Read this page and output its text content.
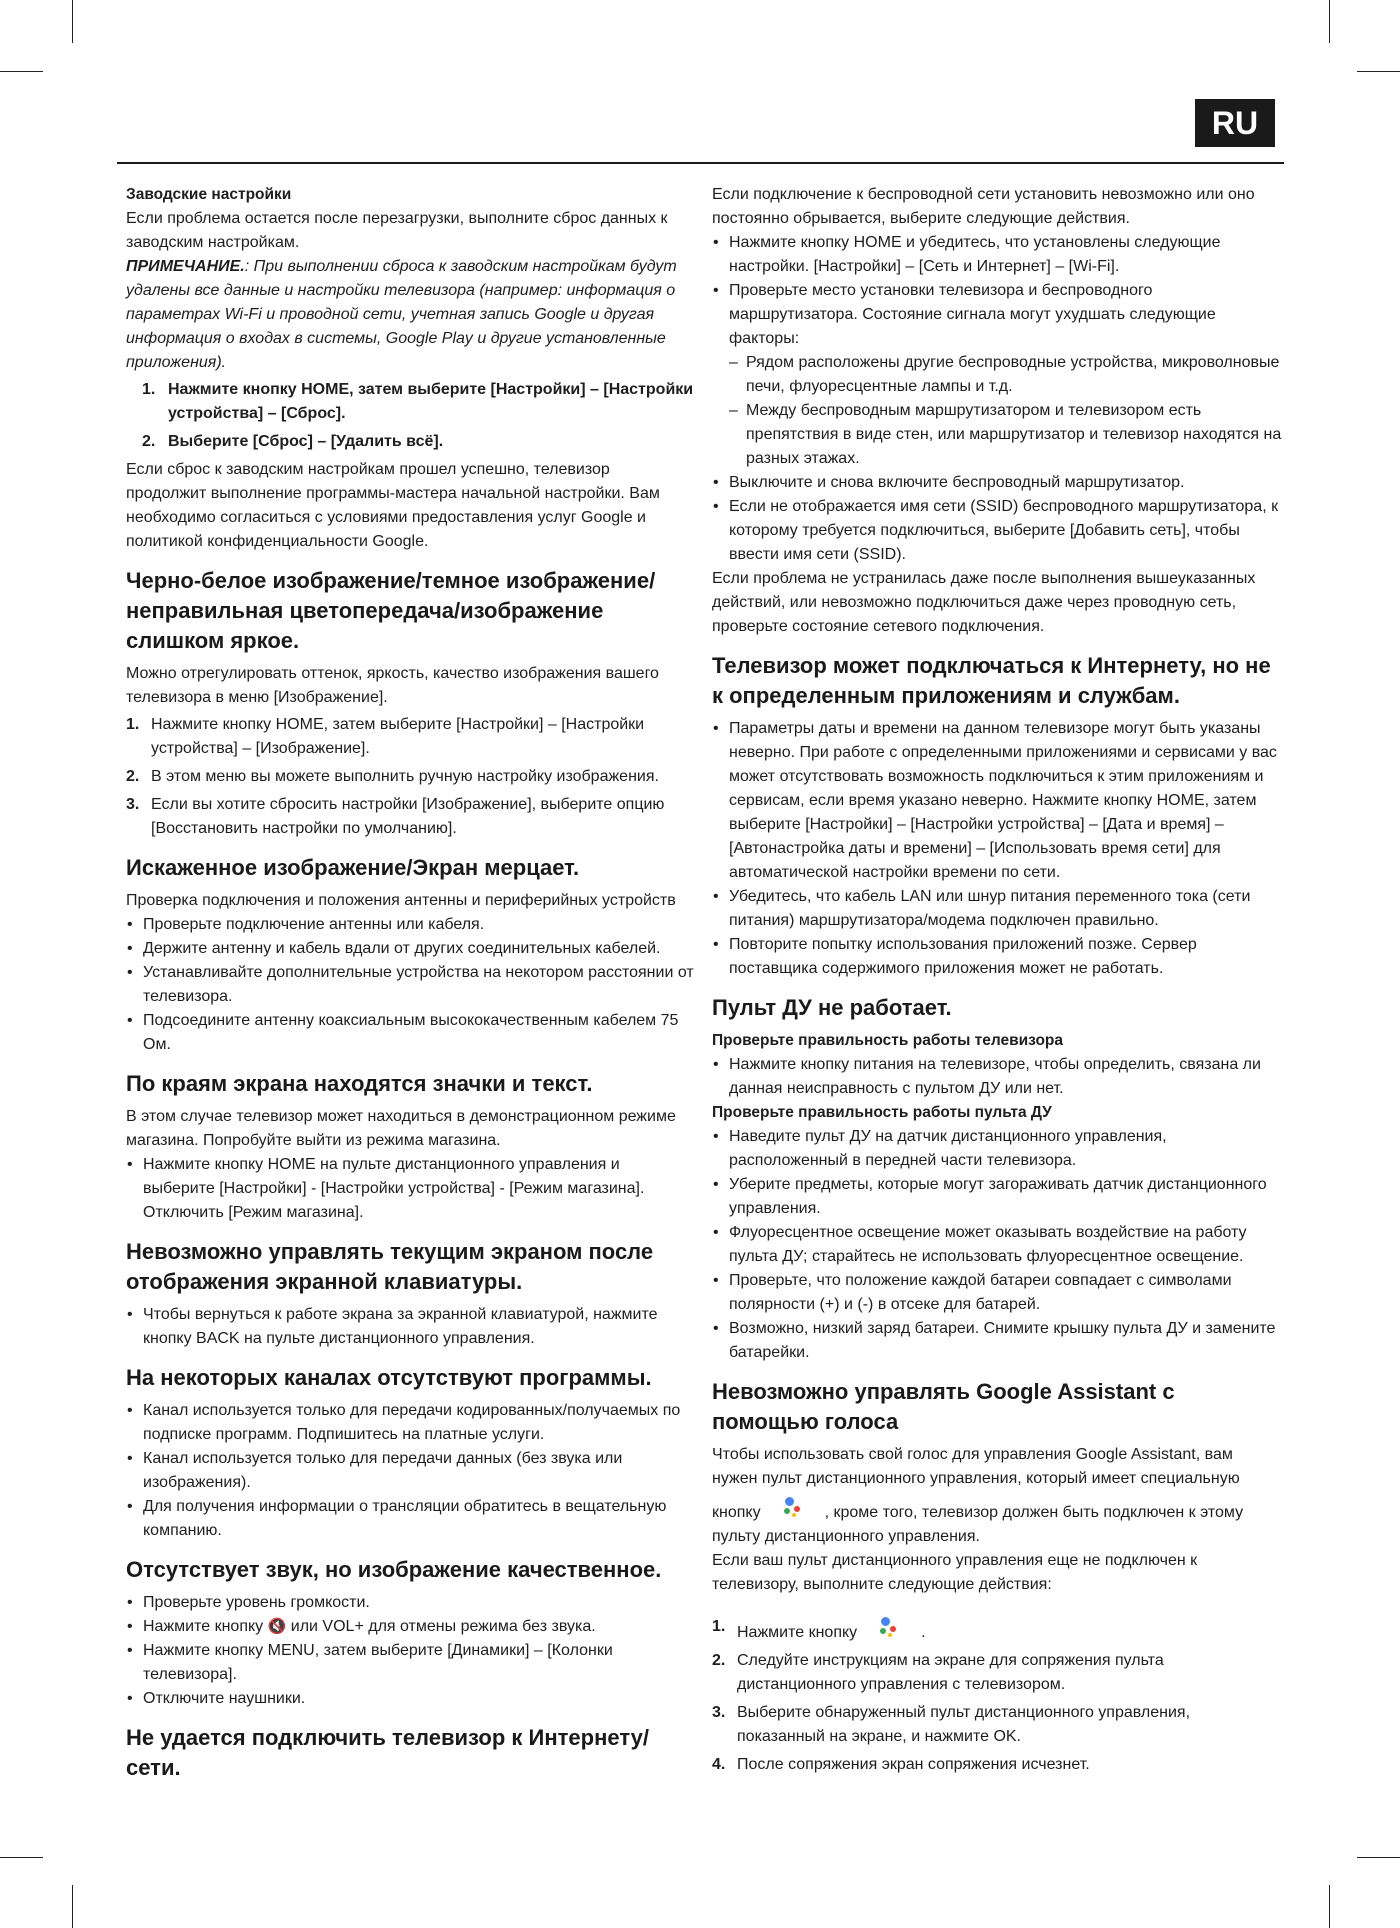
RU

Заводские настройки

Если проблема остается после перезагрузки, выполните сброс данных к заводским настройкам.

ПРИМЕЧАНИЕ.: При выполнении сброса к заводским настройкам будут удалены все данные и настройки телевизора (например: информация о параметрах Wi-Fi и проводной сети, учетная запись Google и другая информация о входах в системы, Google Play и другие установленные приложения).

1. Нажмите кнопку HOME, затем выберите [Настройки] – [Настройки устройства] – [Сброс].
2. Выберите [Сброс] – [Удалить всё].

Если сброс к заводским настройкам прошел успешно, телевизор продолжит выполнение программы-мастера начальной настройки. Вам необходимо согласиться с условиями предоставления услуг Google и политикой конфиденциальности Google.

Черно-белое изображение/темное изображение/ неправильная цветопередача/изображение слишком яркое.

Можно отрегулировать оттенок, яркость, качество изображения вашего телевизора в меню [Изображение].

1. Нажмите кнопку HOME, затем выберите [Настройки] – [Настройки устройства] – [Изображение].
2. В этом меню вы можете выполнить ручную настройку изображения.
3. Если вы хотите сбросить настройки [Изображение], выберите опцию [Восстановить настройки по умолчанию].
Искаженное изображение/Экран мерцает.

Проверка подключения и положения антенны и периферийных устройств

• Проверьте подключение антенны или кабеля.
• Держите антенну и кабель вдали от других соединительных кабелей.
• Устанавливайте дополнительные устройства на некотором расстоянии от телевизора.
• Подсоедините антенну коаксиальным высококачественным кабелем 75 Ом.
По краям экрана находятся значки и текст.

В этом случае телевизор может находиться в демонстрационном режиме магазина. Попробуйте выйти из режима магазина.

• Нажмите кнопку HOME на пульте дистанционного управления и выберите [Настройки] - [Настройки устройства] - [Режим магазина]. Отключить [Режим магазина].
Невозможно управлять текущим экраном после отображения экранной клавиатуры.
• Чтобы вернуться к работе экрана за экранной клавиатурой, нажмите кнопку BACK на пульте дистанционного управления.
На некоторых каналах отсутствуют программы.
• Канал используется только для передачи кодированных/получаемых по подписке программ. Подпишитесь на платные услуги.
• Канал используется только для передачи данных (без звука или изображения).
• Для получения информации о трансляции обратитесь в вещательную компанию.
Отсутствует звук, но изображение качественное.
• Проверьте уровень громкости.
• Нажмите кнопку 🔇 или VOL+ для отмены режима без звука.
• Нажмите кнопку MENU, затем выберите [Динамики] – [Колонки телевизора].
• Отключите наушники.
Не удается подключить телевизор к Интернету/ сети.

Если подключение к беспроводной сети установить невозможно или оно постоянно обрывается, выберите следующие действия.

• Нажмите кнопку HOME и убедитесь, что установлены следующие настройки. [Настройки] – [Сеть и Интернет] – [Wi-Fi].
• Проверьте место установки телевизора и беспроводного маршрутизатора. Состояние сигнала могут ухудшать следующие факторы:
– Рядом расположены другие беспроводные устройства, микроволновые печи, флуоресцентные лампы и т.д.
– Между беспроводным маршрутизатором и телевизором есть препятствия в виде стен, или маршрутизатор и телевизор находятся на разных этажах.
• Выключите и снова включите беспроводный маршрутизатор.
• Если не отображается имя сети (SSID) беспроводного маршрутизатора, к которому требуется подключиться, выберите [Добавить сеть], чтобы ввести имя сети (SSID).

Если проблема не устранилась даже после выполнения вышеуказанных действий, или невозможно подключиться даже через проводную сеть, проверьте состояние сетевого подключения.

Телевизор может подключаться к Интернету, но не к определенным приложениям и службам.
• Параметры даты и времени на данном телевизоре могут быть указаны неверно. При работе с определенными приложениями и сервисами у вас может отсутствовать возможность подключиться к этим приложениям и сервисам, если время указано неверно. Нажмите кнопку HOME, затем выберите [Настройки] – [Настройки устройства] – [Дата и время] – [Автонастройка даты и времени] – [Использовать время сети] для автоматической настройки времени по сети.
• Убедитесь, что кабель LAN или шнур питания переменного тока (сети питания) маршрутизатора/модема подключен правильно.
• Повторите попытку использования приложений позже. Сервер поставщика содержимого приложения может не работать.
Пульт ДУ не работает.

Проверьте правильность работы телевизора

• Нажмите кнопку питания на телевизоре, чтобы определить, связана ли данная неисправность с пультом ДУ или нет.

Проверьте правильность работы пульта ДУ

• Наведите пульт ДУ на датчик дистанционного управления, расположенный в передней части телевизора.
• Уберите предметы, которые могут загораживать датчик дистанционного управления.
• Флуоресцентное освещение может оказывать воздействие на работу пульта ДУ; старайтесь не использовать флуоресцентное освещение.
• Проверьте, что положение каждой батареи совпадает с символами полярности (+) и (-) в отсеке для батарей.
• Возможно, низкий заряд батареи. Снимите крышку пульта ДУ и замените батарейки.
Невозможно управлять Google Assistant с помощью голоса

Чтобы использовать свой голос для управления Google Assistant, вам нужен пульт дистанционного управления, который имеет специальную

кнопку	, кроме того, телевизор должен быть подключен к этому пульту дистанционного управления.

Если ваш пульт дистанционного управления еще не подключен к телевизору, выполните следующие действия:

1. Нажмите кнопку	.
2. Следуйте инструкциям на экране для сопряжения пульта дистанционного управления с телевизором.
3. Выберите обнаруженный пульт дистанционного управления, показанный на экране, и нажмите OK.
4. После сопряжения экран сопряжения исчезнет.
